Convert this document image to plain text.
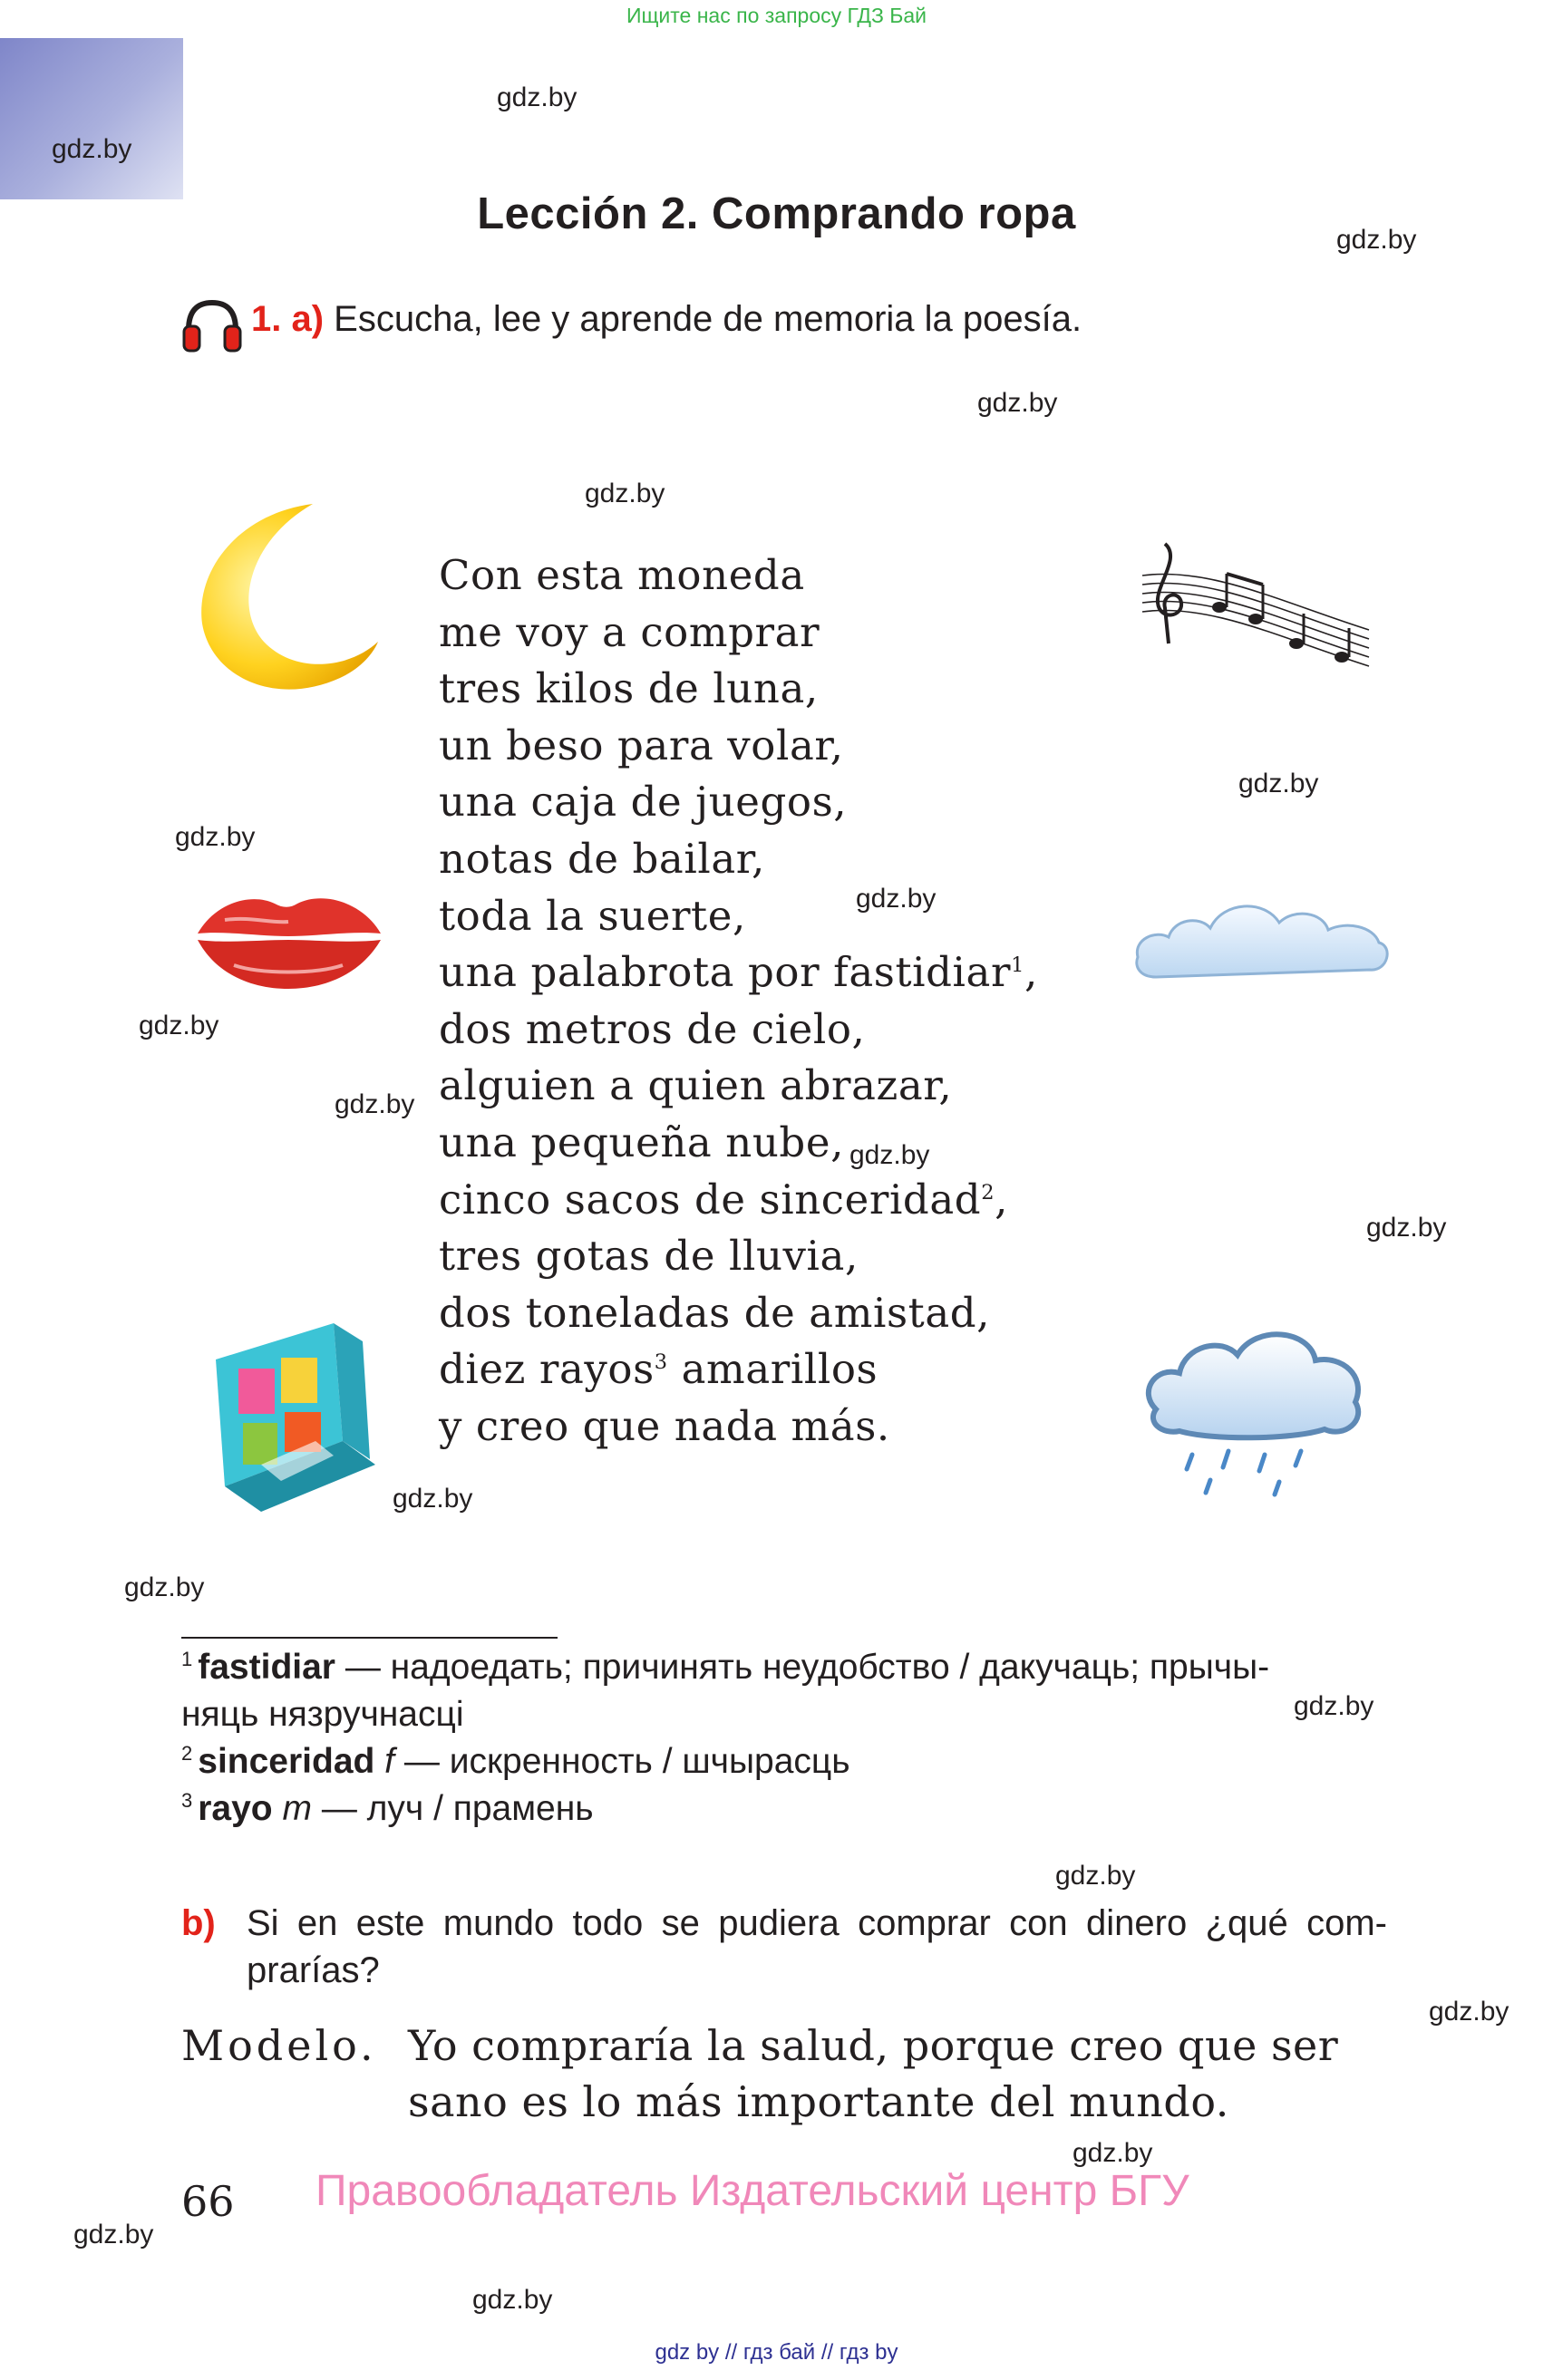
Ищите нас по запросу ГДЗ Бай
gdz.by
gdz.by
gdz.by
gdz.by
gdz.by
gdz.by
gdz.by
gdz.by
gdz.by
gdz.by
gdz.by
gdz.by
gdz.by
gdz.by
gdz.by
gdz.by
gdz.by
gdz.by
gdz.by
gdz.by
Lección 2. Comprando ropa
1. a) Escucha, lee y aprende de memoria la poesía.
Con esta moneda
me voy a comprar
tres kilos de luna,
un beso para volar,
una caja de juegos,
notas de bailar,
toda la suerte,
una palabrota por fastidiar$^1$,
dos metros de cielo,
alguien a quien abrazar,
una pequeña nube,
cinco sacos de sinceridad$^2$,
tres gotas de lluvia,
dos toneladas de amistad,
diez rayos$^3$ amarillos
y creo que nada más.
$^1$ fastidiar — надоедать; причинять неудобство / дакучаць; прычы-
няць нязручнасці
$^2$ sinceridad f — искренность / шчырасць
$^3$ rayo m — луч / прамень
b) Si en este mundo todo se pudiera comprar con dinero ¿qué com-prarías?
Modelo. Yo compraría la salud, porque creo que ser sano es lo más importante del mundo.
66 Правообладатель Издательский центр БГУ
gdz by // гдз бай // гдз by
